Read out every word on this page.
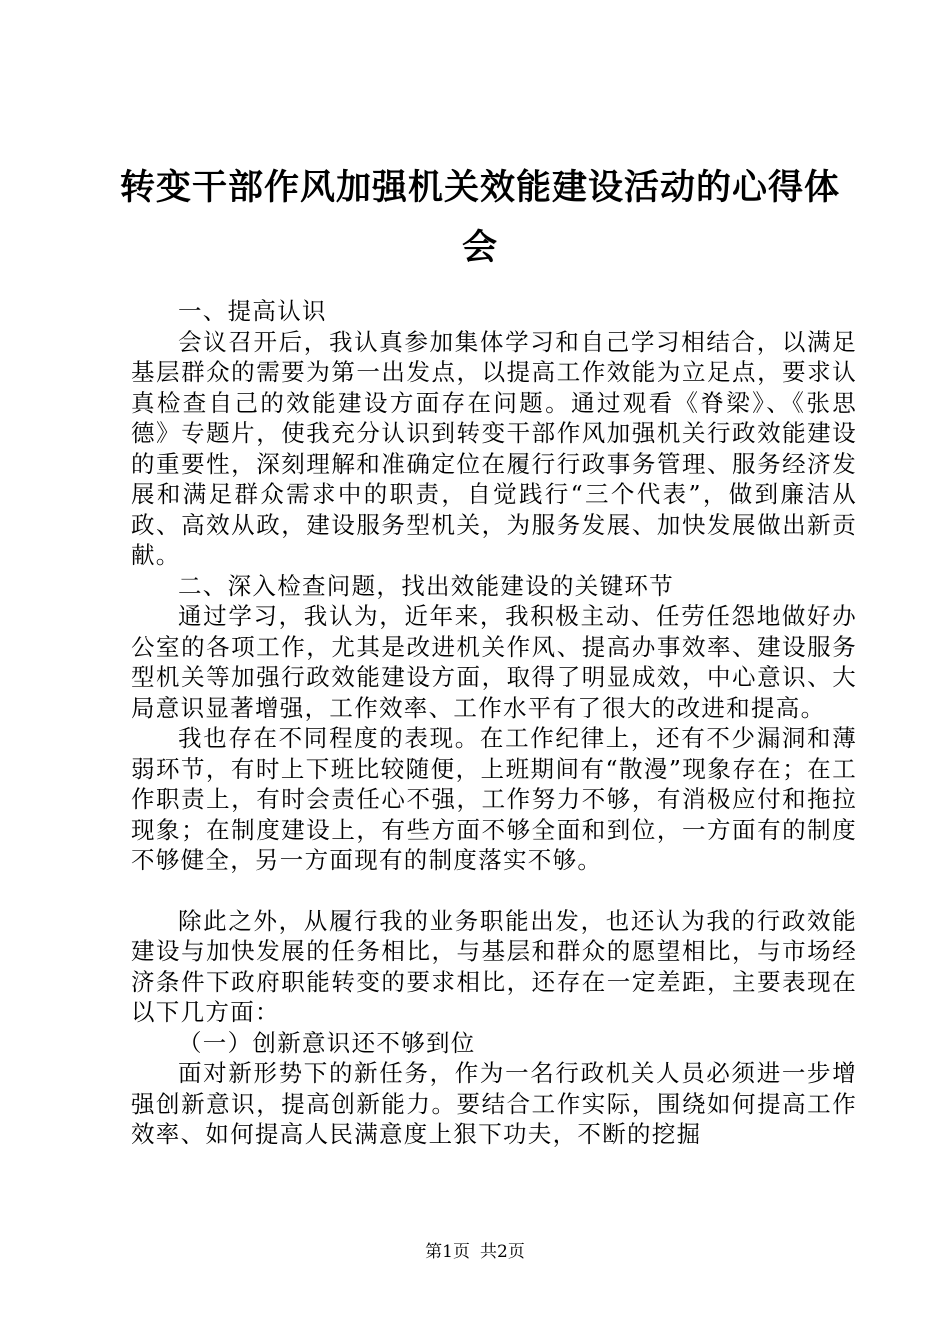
转变干部作风加强机关效能建设活动的心得体会

一、提高认识

会议召开后，我认真参加集体学习和自己学习相结合，以满足基层群众的需要为第一出发点，以提高工作效能为立足点，要求认真检查自己的效能建设方面存在问题。通过观看《脊梁》、《张思德》专题片，使我充分认识到转变干部作风加强机关行政效能建设的重要性，深刻理解和准确定位在履行行政事务管理、服务经济发展和满足群众需求中的职责，自觉践行“三个代表”，做到廉洁从政、高效从政，建设服务型机关，为服务发展、加快发展做出新贡献。

二、深入检查问题，找出效能建设的关键环节

通过学习，我认为，近年来，我积极主动、任劳任怨地做好办公室的各项工作，尤其是改进机关作风、提高办事效率、建设服务型机关等加强行政效能建设方面，取得了明显成效，中心意识、大局意识显著增强，工作效率、工作水平有了很大的改进和提高。

我也存在不同程度的表现。在工作纪律上，还有不少漏洞和薄弱环节，有时上下班比较随便，上班期间有“散漫”现象存在；在工作职责上，有时会责任心不强，工作努力不够，有消极应付和拖拉现象；在制度建设上，有些方面不够全面和到位，一方面有的制度不够健全，另一方面现有的制度落实不够。

除此之外，从履行我的业务职能出发，也还认为我的行政效能建设与加快发展的任务相比，与基层和群众的愿望相比，与市场经济条件下政府职能转变的要求相比，还存在一定差距，主要表现在以下几方面：

（一）创新意识还不够到位

面对新形势下的新任务，作为一名行政机关人员必须进一步增强创新意识，提高创新能力。要结合工作实际，围绕如何提高工作效率、如何提高人民满意度上狠下功夫，不断的挖掘

第1页 共2页
